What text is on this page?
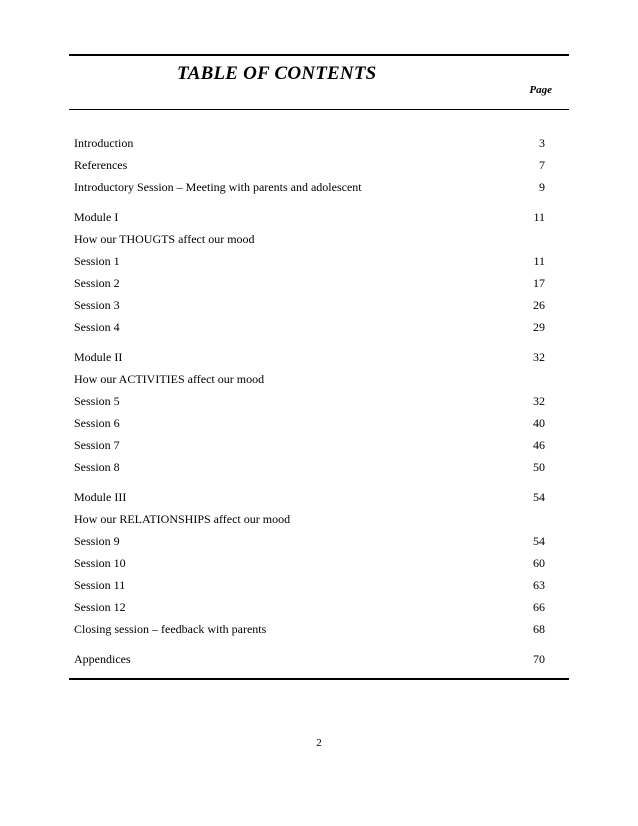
TABLE OF CONTENTS
Page
Introduction	3
References	7
Introductory Session – Meeting with parents and adolescent	9
Module I	11
How our THOUGTS affect our mood
Session 1	11
Session 2	17
Session 3	26
Session 4	29
Module II	32
How our ACTIVITIES affect our mood
Session 5	32
Session 6	40
Session 7	46
Session 8	50
Module III	54
How our RELATIONSHIPS affect our mood
Session 9	54
Session 10	60
Session 11	63
Session 12	66
Closing session – feedback with parents	68
Appendices	70
2
